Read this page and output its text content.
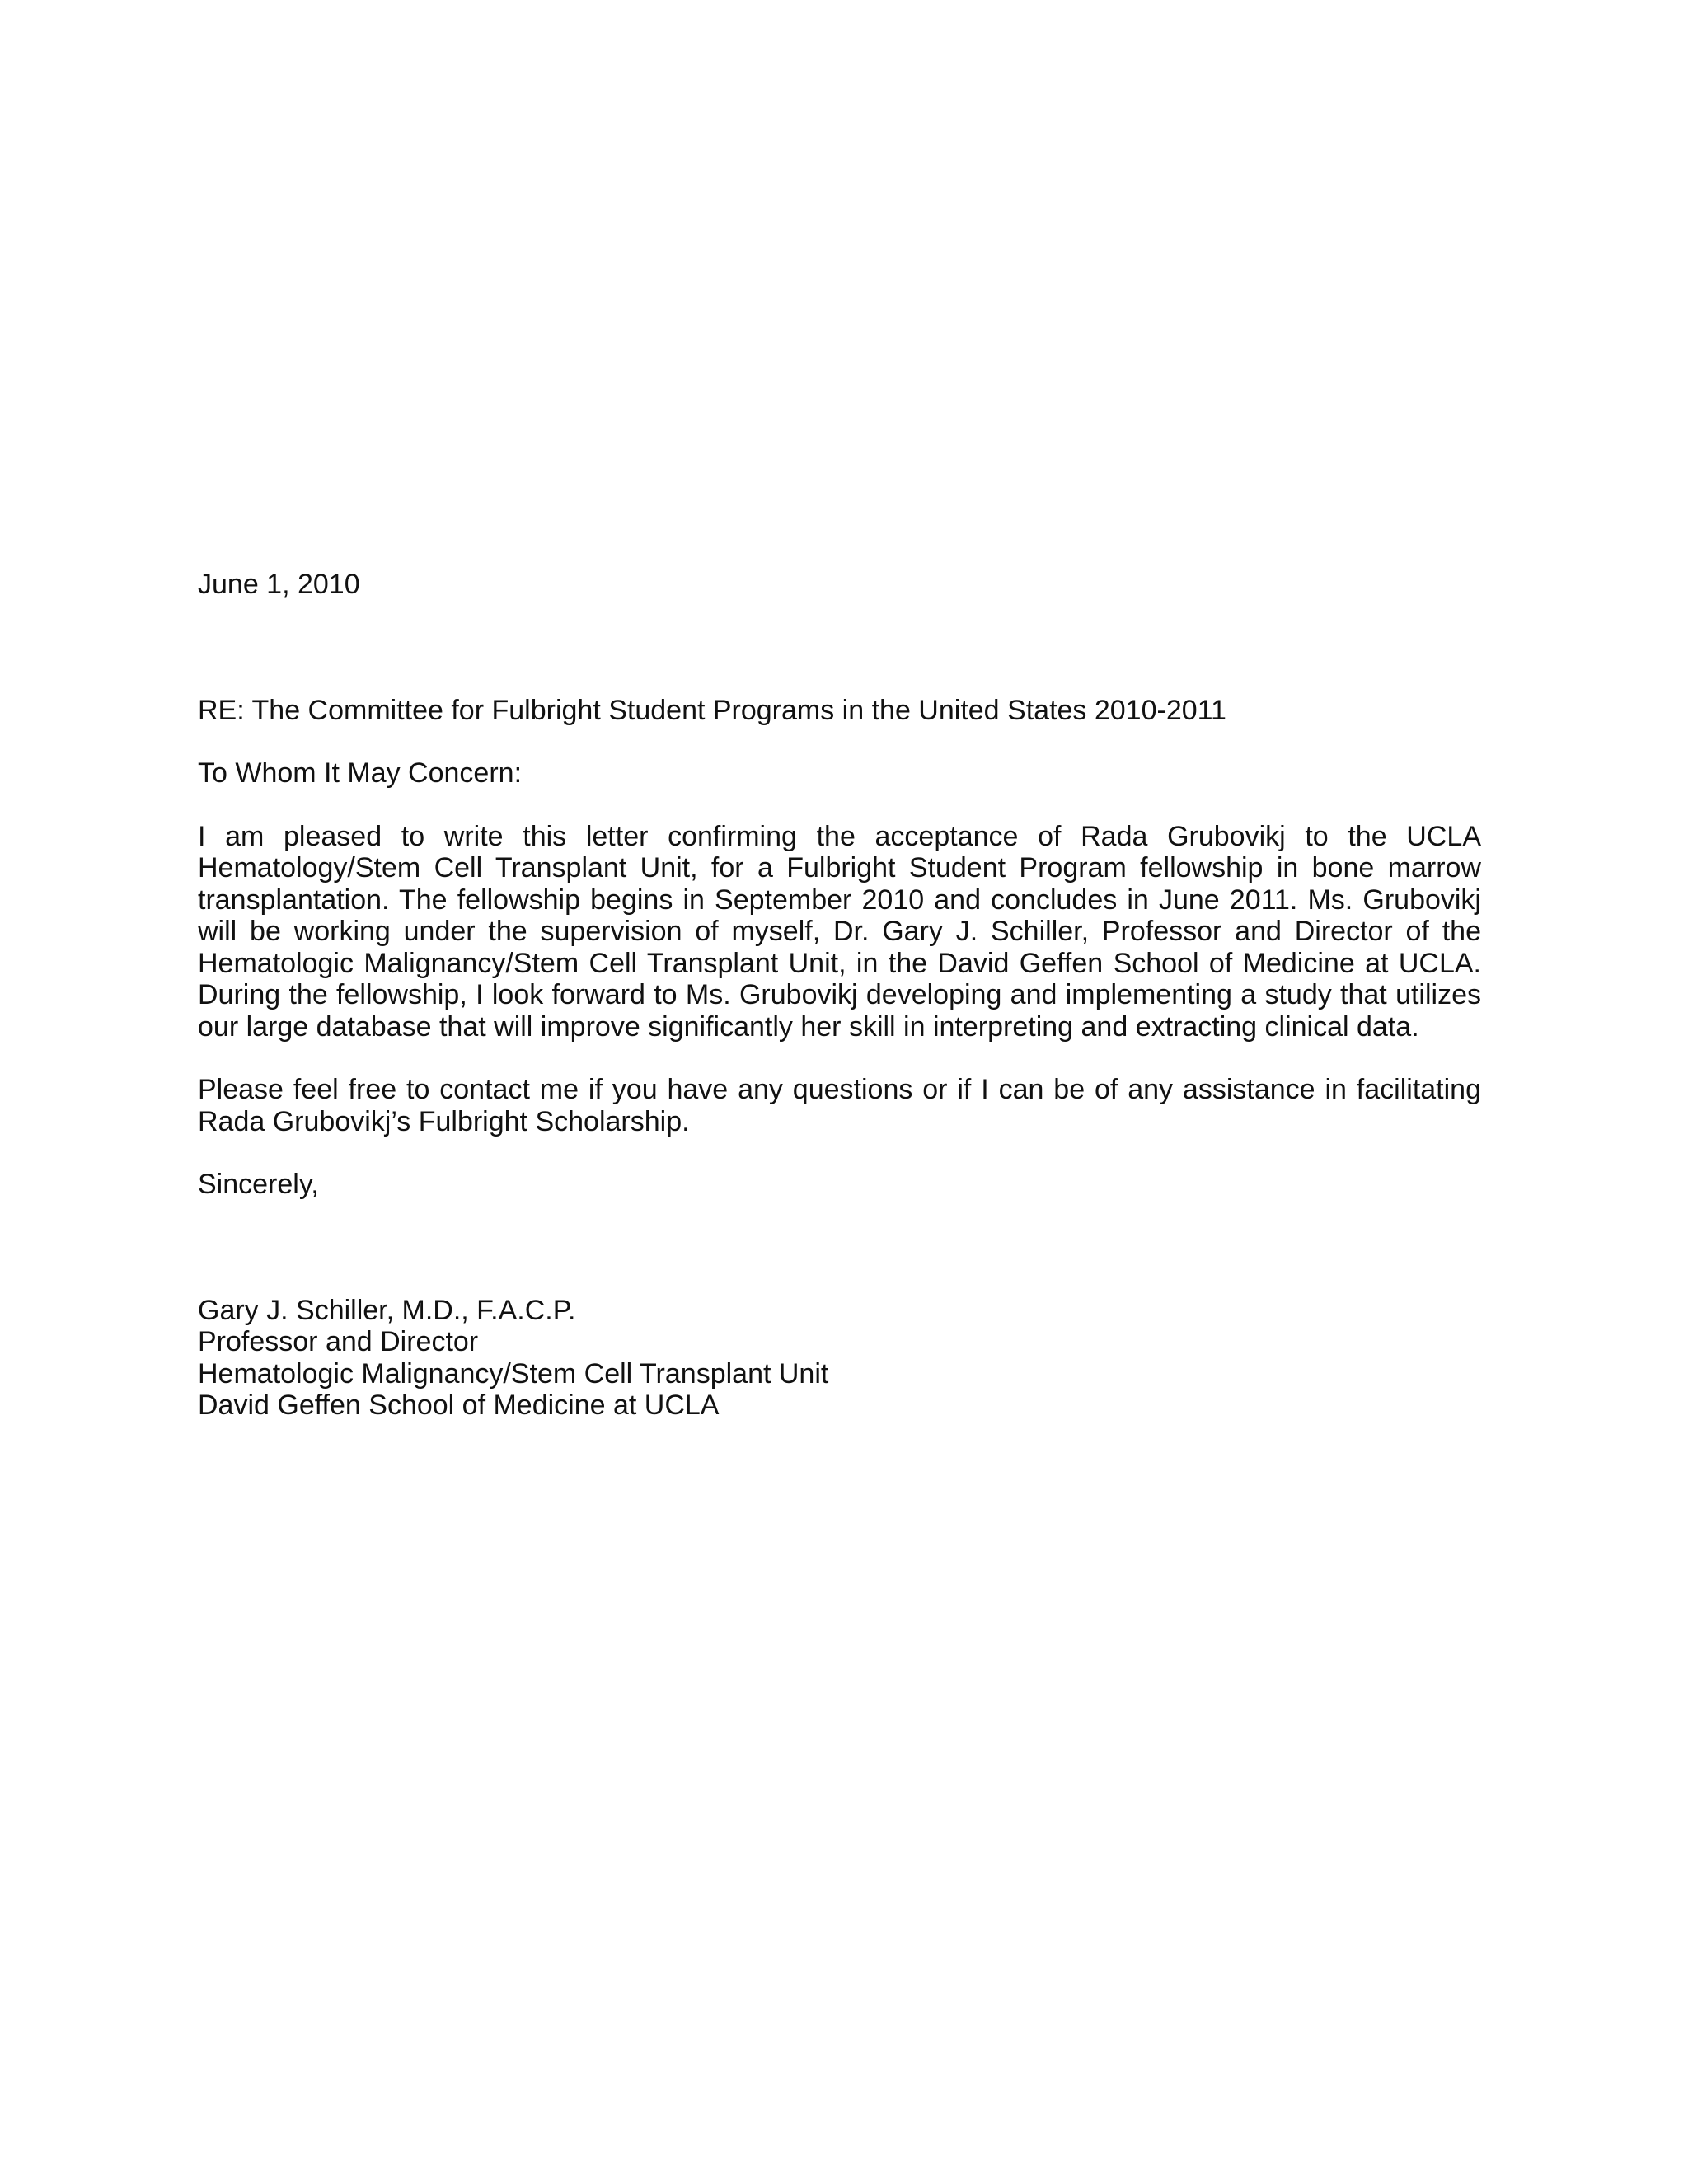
June 1, 2010

RE: The Committee for Fulbright Student Programs in the United States 2010-2011

To Whom It May Concern:

I am pleased to write this letter confirming the acceptance of Rada Grubovikj to the UCLA Hematology/Stem Cell Transplant Unit, for a Fulbright Student Program fellowship in bone marrow transplantation. The fellowship begins in September 2010 and concludes in June 2011. Ms. Grubovikj will be working under the supervision of myself, Dr. Gary J. Schiller, Professor and Director of the Hematologic Malignancy/Stem Cell Transplant Unit, in the David Geffen School of Medicine at UCLA. During the fellowship, I look forward to Ms. Grubovikj developing and implementing a study that utilizes our large database that will improve significantly her skill in interpreting and extracting clinical data.

Please feel free to contact me if you have any questions or if I can be of any assistance in facilitating Rada Grubovikj’s Fulbright Scholarship.

Sincerely,

Gary J. Schiller, M.D., F.A.C.P.
Professor and Director
Hematologic Malignancy/Stem Cell Transplant Unit
David Geffen School of Medicine at UCLA
